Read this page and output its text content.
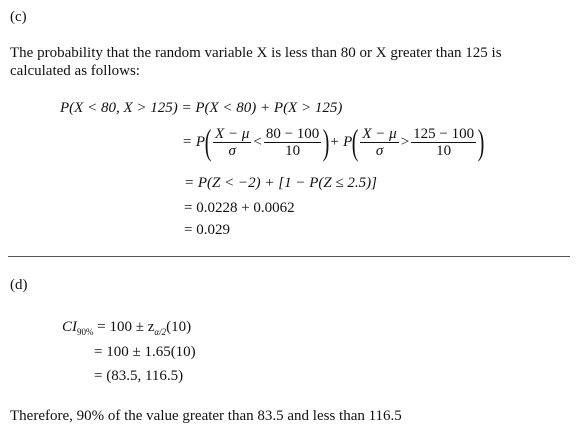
(c)
The probability that the random variable X is less than 80 or X greater than 125 is
calculated as follows:
P(X < 80, X > 125) = P(X < 80) + P(X > 125)
= P ( $\frac{X - \mu}{\sigma} < \frac{80 - 100}{10}$ ) + P ( $\frac{X - \mu}{\sigma} > \frac{125 - 100}{10}$ )
= P(Z < −2) + [1 − P(Z ≤ 2.5)]
= 0.0228 + 0.0062
= 0.029
(d)
$CI_{90\%} = 100 \pm z_{\alpha/2}(10)$
= 100 ± 1.65(10)
= (83.5, 116.5)
Therefore, 90% of the value greater than 83.5 and less than 116.5
